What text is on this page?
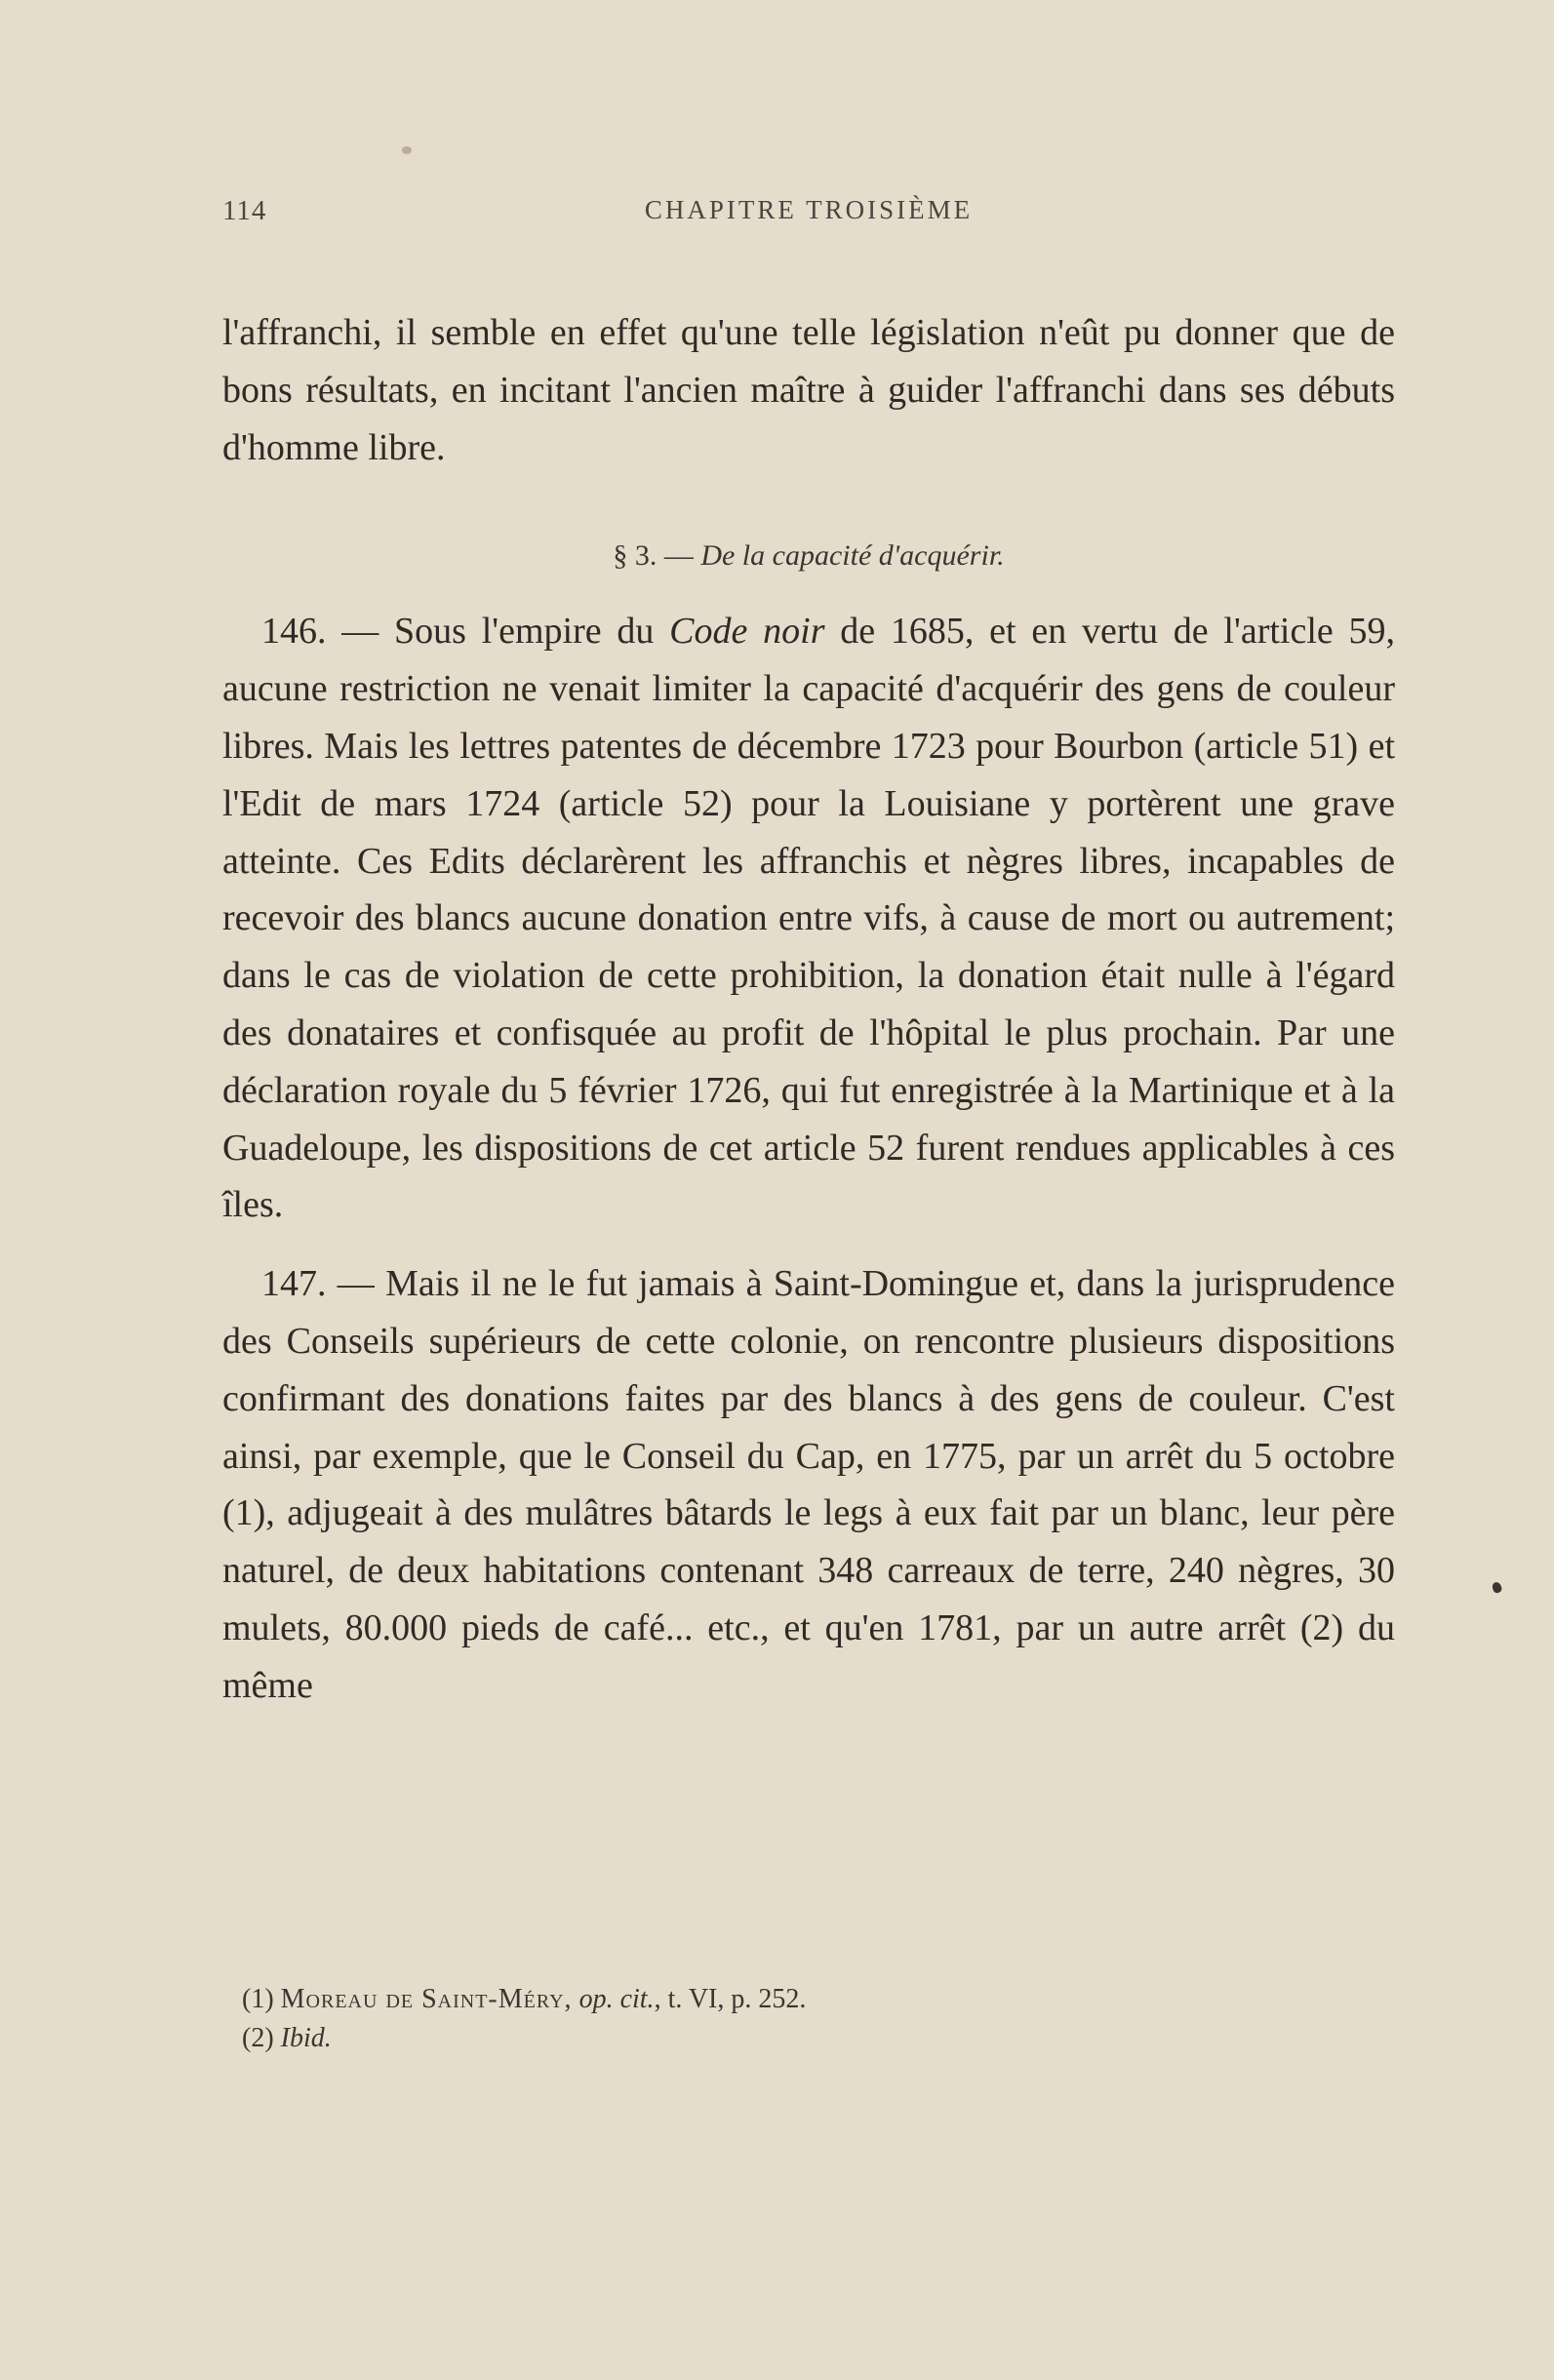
114	CHAPITRE TROISIÈME

l'affranchi, il semble en effet qu'une telle législation n'eût pu donner que de bons résultats, en incitant l'ancien maître à guider l'affranchi dans ses débuts d'homme libre.

§ 3. — De la capacité d'acquérir.

146. — Sous l'empire du Code noir de 1685, et en vertu de l'article 59, aucune restriction ne venait limiter la capacité d'acquérir des gens de couleur libres. Mais les lettres patentes de décembre 1723 pour Bourbon (article 51) et l'Edit de mars 1724 (article 52) pour la Louisiane y portèrent une grave atteinte. Ces Edits déclarèrent les affranchis et nègres libres, incapables de recevoir des blancs aucune donation entre vifs, à cause de mort ou autrement; dans le cas de violation de cette prohibition, la donation était nulle à l'égard des donataires et confisquée au profit de l'hôpital le plus prochain. Par une déclaration royale du 5 février 1726, qui fut enregistrée à la Martinique et à la Guadeloupe, les dispositions de cet article 52 furent rendues applicables à ces îles.

147. — Mais il ne le fut jamais à Saint-Domingue et, dans la jurisprudence des Conseils supérieurs de cette colonie, on rencontre plusieurs dispositions confirmant des donations faites par des blancs à des gens de couleur. C'est ainsi, par exemple, que le Conseil du Cap, en 1775, par un arrêt du 5 octobre (1), adjugeait à des mulâtres bâtards le legs à eux fait par un blanc, leur père naturel, de deux habitations contenant 348 carreaux de terre, 240 nègres, 30 mulets, 80.000 pieds de café... etc., et qu'en 1781, par un autre arrêt (2) du même

(1) Moreau de Saint-Méry, op. cit., t. VI, p. 252.
(2) Ibid.
